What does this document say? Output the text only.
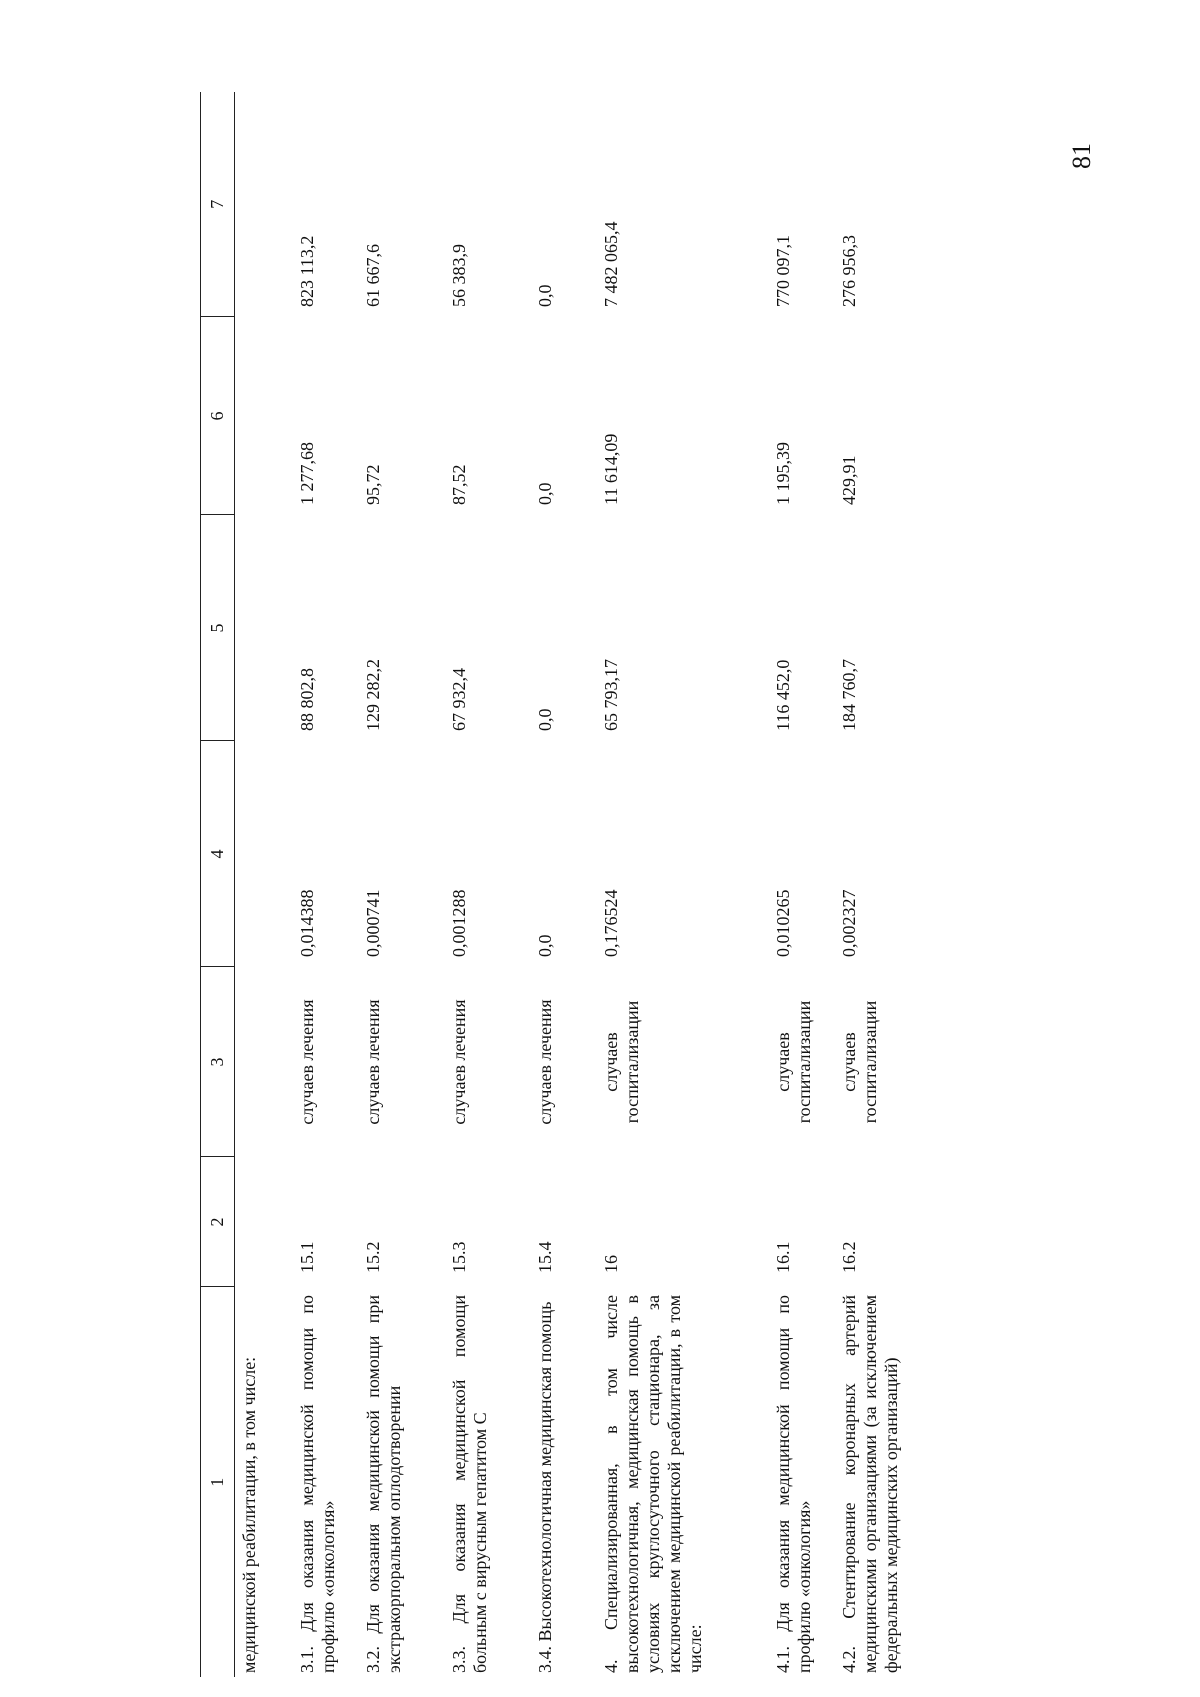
81
1	2	3	4	5	6	7
медицинской реабилитации, в том числе:						
3.1. Для оказания медицинской помощи по профилю «онкология»	15.1	случаев лечения	0,014388	88 802,8	1 277,68	823 113,2
3.2. Для оказания медицинской помощи при экстракорпоральном оплодотворении	15.2	случаев лечения	0,000741	129 282,2	95,72	61 667,6
3.3. Для оказания медицинской помощи больным с вирусным гепатитом С	15.3	случаев лечения	0,001288	67 932,4	87,52	56 383,9
3.4. Высокотехнологичная медицинская помощь	15.4	случаев лечения	0,0	0,0	0,0	0,0
4. Специализированная, в том числе высокотехнологичная, медицинская помощь в условиях круглосуточного стационара, за исключением медицинской реабилитации, в том числе:	16	случаев госпитализации	0,176524	65 793,17	11 614,09	7 482 065,4
4.1. Для оказания медицинской помощи по профилю «онкология»	16.1	случаев госпитализации	0,010265	116 452,0	1 195,39	770 097,1
4.2. Стентирование коронарных артерий медицинскими организациями (за исключением федеральных медицинских организаций)	16.2	случаев госпитализации	0,002327	184 760,7	429,91	276 956,3
